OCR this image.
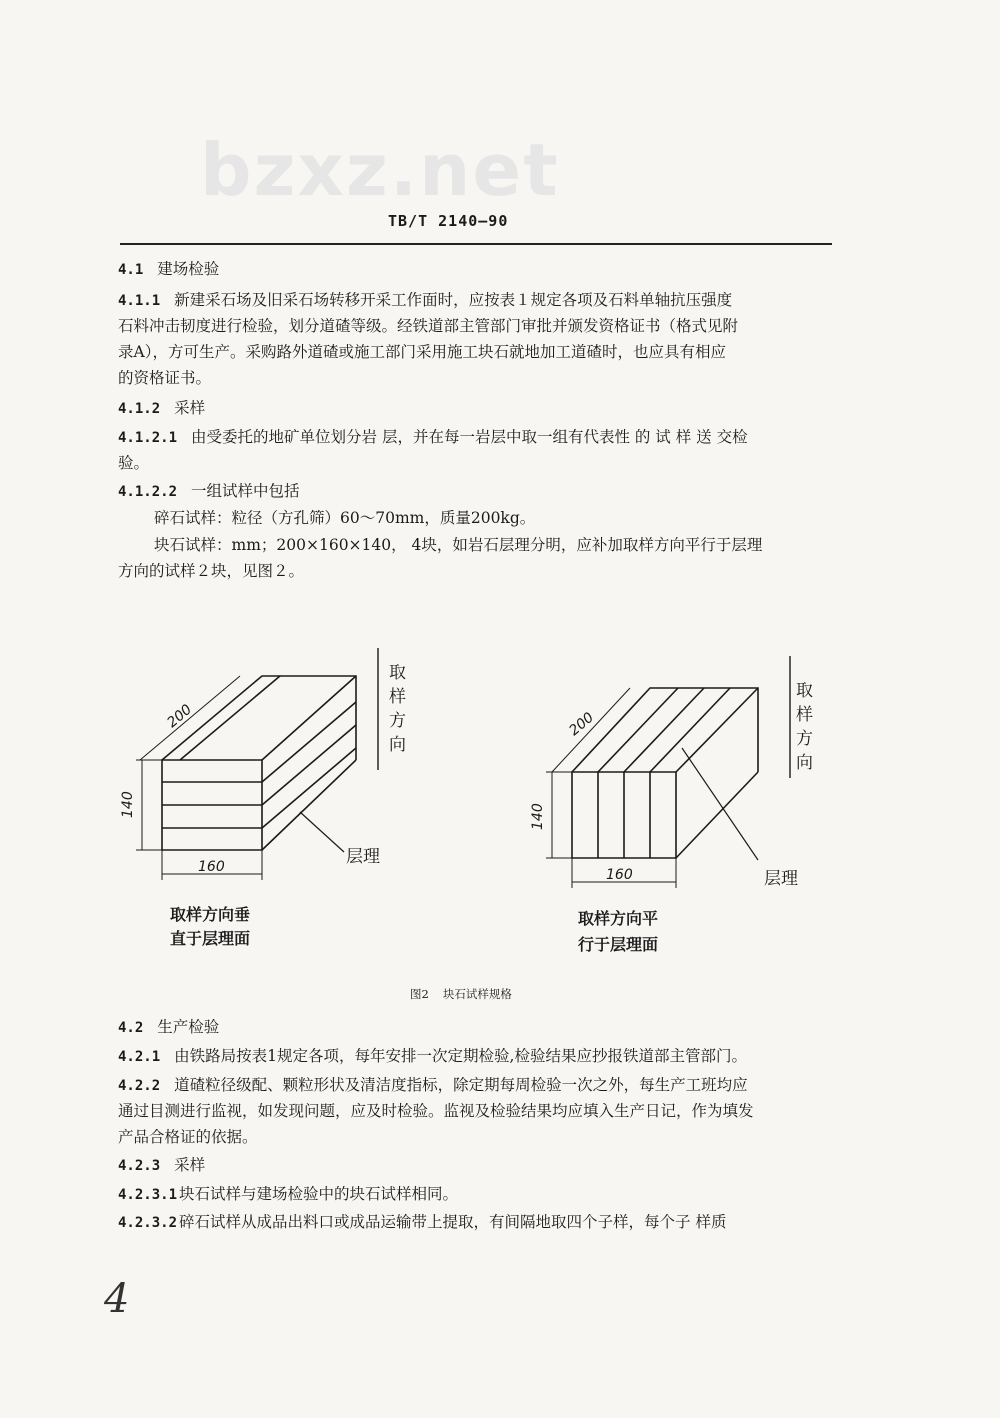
bzxz.net
TB/T 2140—90
4.1 建场检验
4.1.1 新建采石场及旧采石场转移开采工作面时，应按表１规定各项及石料单轴抗压强度
石料冲击韧度进行检验，划分道碴等级。经铁道部主管部门审批并颁发资格证书（格式见附
录A），方可生产。采购路外道碴或施工部门采用施工块石就地加工道碴时，也应具有相应
的资格证书。
4.1.2 采样
4.1.2.1 由受委托的地矿单位划分岩 层，并在每一岩层中取一组有代表性 的 试 样 送 交检
验。
4.1.2.2 一组试样中包括
碎石试样：粒径（方孔筛）60～70mm，质量200kg。
块石试样：mm；200×160×140， 4块，如岩石层理分明，应补加取样方向平行于层理
方向的试样２块，见图２。
200
140
160
200
140
160
取
样
方
向
取
样
方
向
层理
层理
取样方向垂
直于层理面
取样方向平
行于层理面
图2 块石试样规格
4.2 生产检验
4.2.1 由铁路局按表1规定各项，每年安排一次定期检验,检验结果应抄报铁道部主管部门。
4.2.2 道碴粒径级配、颗粒形状及清洁度指标，除定期每周检验一次之外，每生产工班均应
通过目测进行监视，如发现问题，应及时检验。监视及检验结果均应填入生产日记，作为填发
产品合格证的依据。
4.2.3 采样
4.2.3.1 块石试样与建场检验中的块石试样相同。
4.2.3.2 碎石试样从成品出料口或成品运输带上提取，有间隔地取四个子样，每个子 样质
4
